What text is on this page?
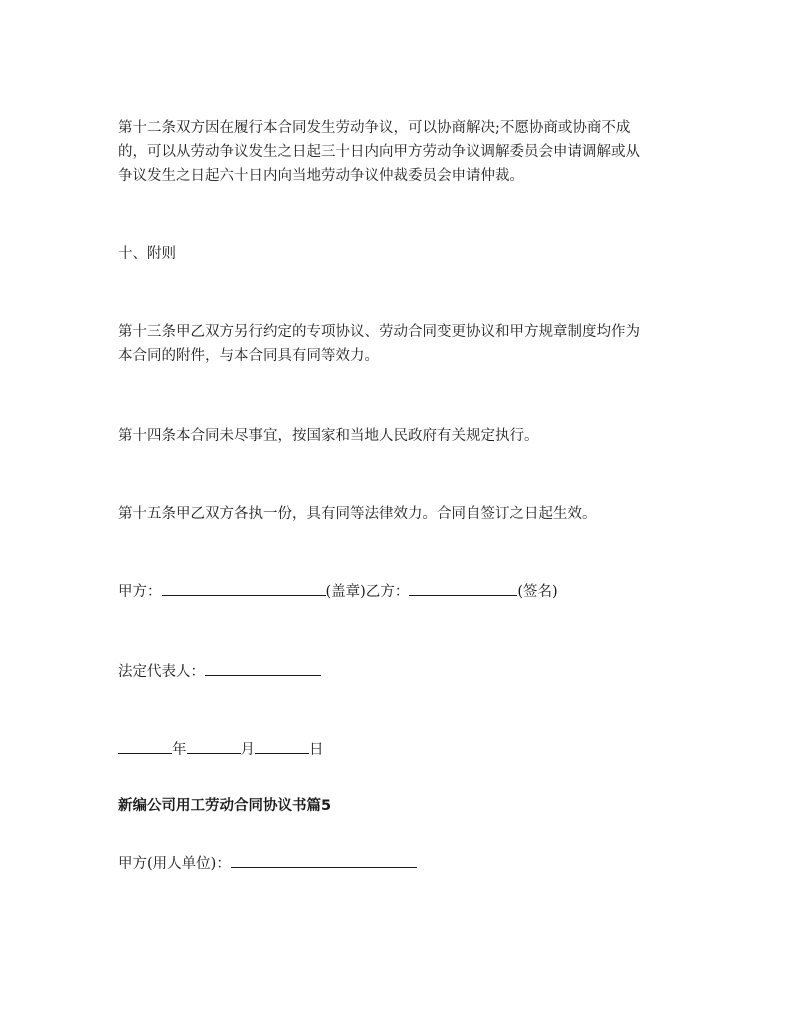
第十二条双方因在履行本合同发生劳动争议，可以协商解决;不愿协商或协商不成
的，可以从劳动争议发生之日起三十日内向甲方劳动争议调解委员会申请调解或从
争议发生之日起六十日内向当地劳动争议仲裁委员会申请仲裁。
十、附则
第十三条甲乙双方另行约定的专项协议、劳动合同变更协议和甲方规章制度均作为
本合同的附件，与本合同具有同等效力。
第十四条本合同未尽事宜，按国家和当地人民政府有关规定执行。
第十五条甲乙双方各执一份，具有同等法律效力。合同自签订之日起生效。
甲方：	(盖章)乙方：	(签名)
法定代表人：
年	月	日
新编公司用工劳动合同协议书篇5
甲方(用人单位)：
